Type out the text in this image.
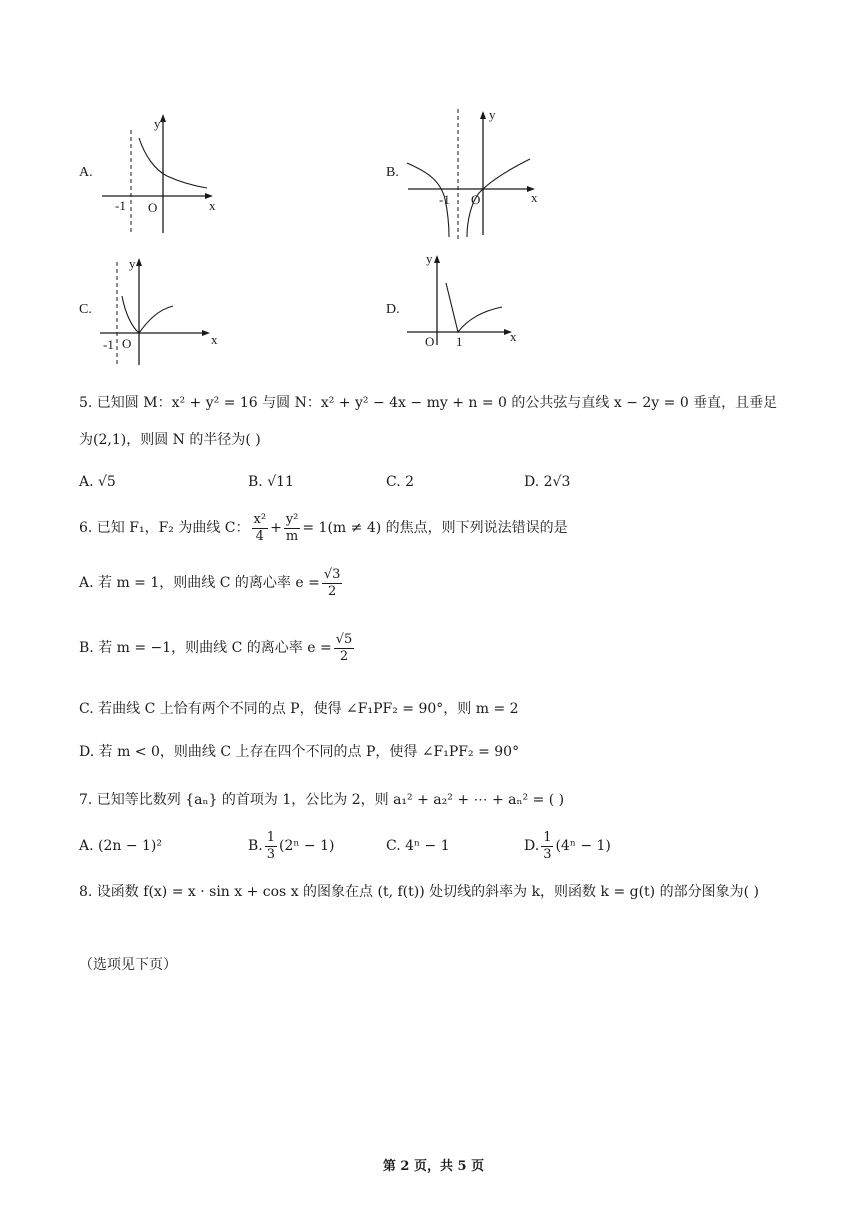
A.
y
x
O
-1
B.
y
x
O
-1
C.
y
x
O
-1
D.
y
x
O 1
5. 已知圆 M：x² + y² = 16 与圆 N：x² + y² − 4x − my + n = 0 的公共弦与直线 x − 2y = 0 垂直，且垂足
为(2,1)，则圆 N 的半径为( )
A. √5	B. √11	C. 2	D. 2√3
6. 已知 F₁，F₂ 为曲线 C： $\frac{\text{x²}}{4} + \frac{\text{y²}}{m} = 1(m \ne 4)$ 的焦点，则下列说法错误的是
A. 若 m = 1，则曲线 C 的离心率 $e = \frac{√3}{2}$
B. 若 m = −1，则曲线 C 的离心率 $e = \frac{√5}{2}$
C. 若曲线 C 上恰有两个不同的点 P，使得 ∠F₁PF₂ = 90°，则 m = 2
D. 若 m < 0，则曲线 C 上存在四个不同的点 P，使得 ∠F₁PF₂ = 90°
7. 已知等比数列 {aₙ} 的首项为 1，公比为 2，则 a₁² + a₂² + ⋯ + aₙ² = ( )
A. (2n − 1)²	B. $\frac{1}{3} (2^n - 1)$	C. 4ⁿ − 1	D. $\frac{1}{3} (4^n - 1)$
8. 设函数 f(x) = x · sin x + cos x 的图象在点 (t, f(t)) 处切线的斜率为 k，则函数 k = g(t) 的部分图象为( )
（选项见下页）
第 2 页，共 5 页
